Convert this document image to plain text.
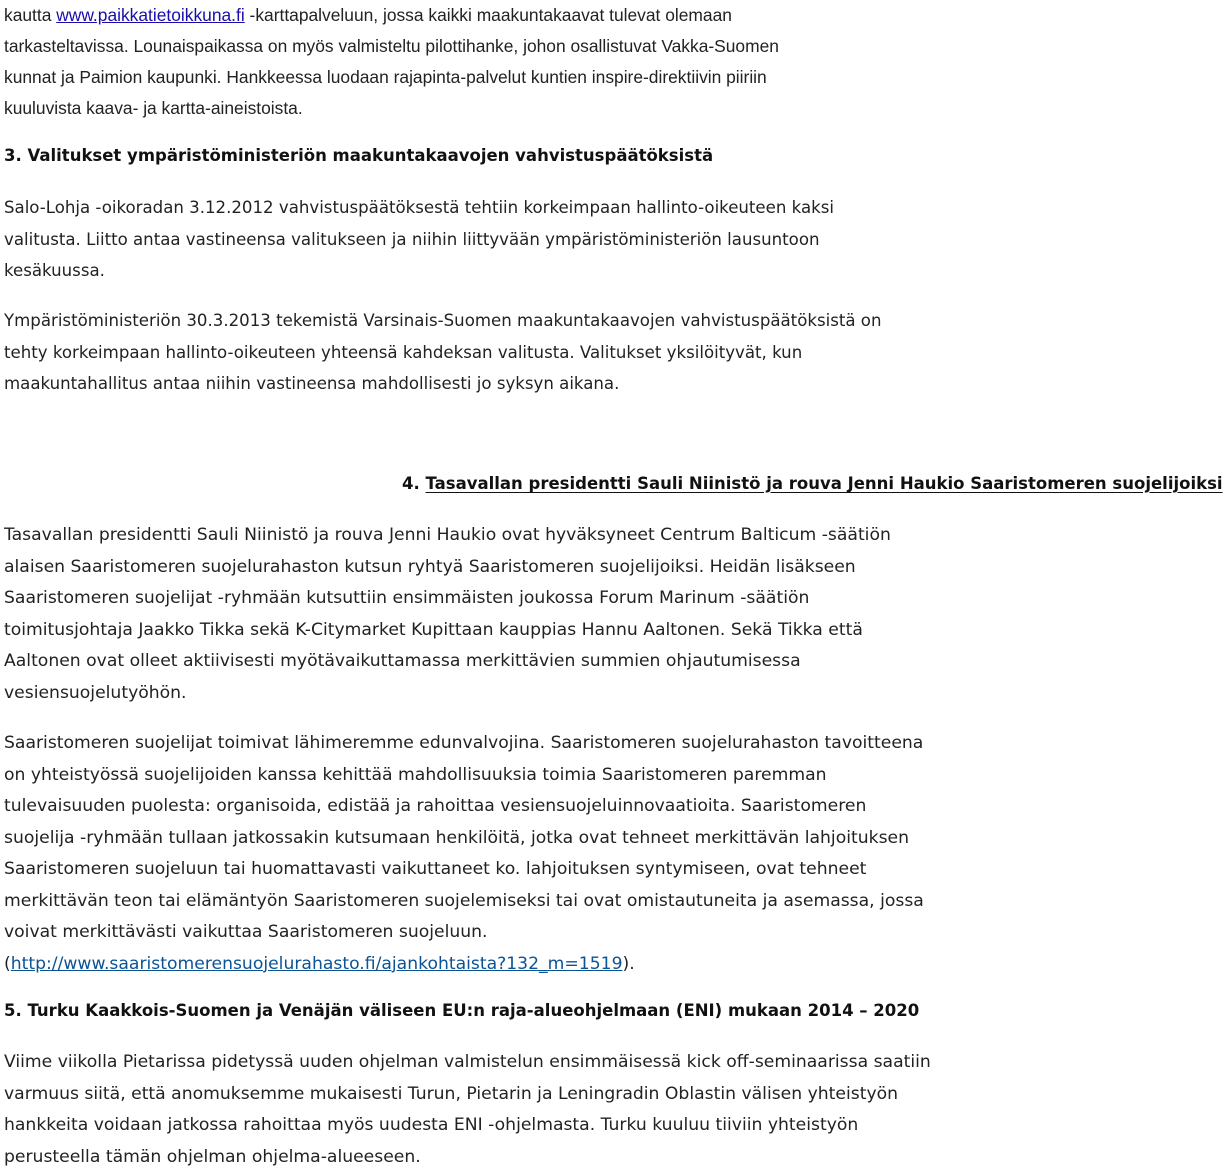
kautta www.paikkatietoikkuna.fi -karttapalveluun, jossa kaikki maakuntakaavat tulevat olemaan
tarkasteltavissa. Lounaispaikassa on myös valmisteltu pilottihanke, johon osallistuvat Vakka-Suomen
kunnat ja Paimion kaupunki. Hankkeessa luodaan rajapinta-palvelut kuntien inspire-direktiivin piiriin
kuuluvista kaava- ja kartta-aineistoista.
3. Valitukset ympäristöministeriön maakuntakaavojen vahvistuspäätöksistä
Salo-Lohja -oikoradan 3.12.2012 vahvistuspäätöksestä tehtiin korkeimpaan hallinto-oikeuteen kaksi
valitusta. Liitto antaa vastineensa valitukseen ja niihin liittyvään ympäristöministeriön lausuntoon
kesäkuussa.
Ympäristöministeriön 30.3.2013 tekemistä Varsinais-Suomen maakuntakaavojen vahvistuspäätöksistä on
tehty korkeimpaan hallinto-oikeuteen yhteensä kahdeksan valitusta. Valitukset yksilöityvät, kun
maakuntahallitus antaa niihin vastineensa mahdollisesti jo syksyn aikana.
4. Tasavallan presidentti Sauli Niinistö ja rouva Jenni Haukio Saaristomeren suojelijoiksi
Tasavallan presidentti Sauli Niinistö ja rouva Jenni Haukio ovat hyväksyneet Centrum Balticum -säätiön
alaisen Saaristomeren suojelurahaston kutsun ryhtyä Saaristomeren suojelijoiksi. Heidän lisäkseen
Saaristomeren suojelijat -ryhmään kutsuttiin ensimmäisten joukossa Forum Marinum -säätiön
toimitusjohtaja Jaakko Tikka sekä K-Citymarket Kupittaan kauppias Hannu Aaltonen. Sekä Tikka että
Aaltonen ovat olleet aktiivisesti myötävaikuttamassa merkittävien summien ohjautumisessa
vesiensuojelutyöhön.
Saaristomeren suojelijat toimivat lähimeremme edunvalvojina. Saaristomeren suojelurahaston tavoitteena
on yhteistyössä suojelijoiden kanssa kehittää mahdollisuuksia toimia Saaristomeren paremman
tulevaisuuden puolesta: organisoida, edistää ja rahoittaa vesiensuojeluinnovaatioita. Saaristomeren
suojelija -ryhmään tullaan jatkossakin kutsumaan henkilöitä, jotka ovat tehneet merkittävän lahjoituksen
Saaristomeren suojeluun tai huomattavasti vaikuttaneet ko. lahjoituksen syntymiseen, ovat tehneet
merkittävän teon tai elämäntyön Saaristomeren suojelemiseksi tai ovat omistautuneita ja asemassa, jossa
voivat merkittävästi vaikuttaa Saaristomeren suojeluun.
(http://www.saaristomerensuojelurahasto.fi/ajankohtaista?132_m=1519).
5. Turku Kaakkois-Suomen ja Venäjän väliseen EU:n raja-alueohjelmaan (ENI) mukaan 2014 – 2020
Viime viikolla Pietarissa pidetyssä uuden ohjelman valmistelun ensimmäisessä kick off-seminaarissa saatiin
varmuus siitä, että anomuksemme mukaisesti Turun, Pietarin ja Leningradin Oblastin välisen yhteistyön
hankkeita voidaan jatkossa rahoittaa myös uudesta ENI -ohjelmasta. Turku kuuluu tiiviin yhteistyön
perusteella tämän ohjelman ohjelma-alueeseen.
